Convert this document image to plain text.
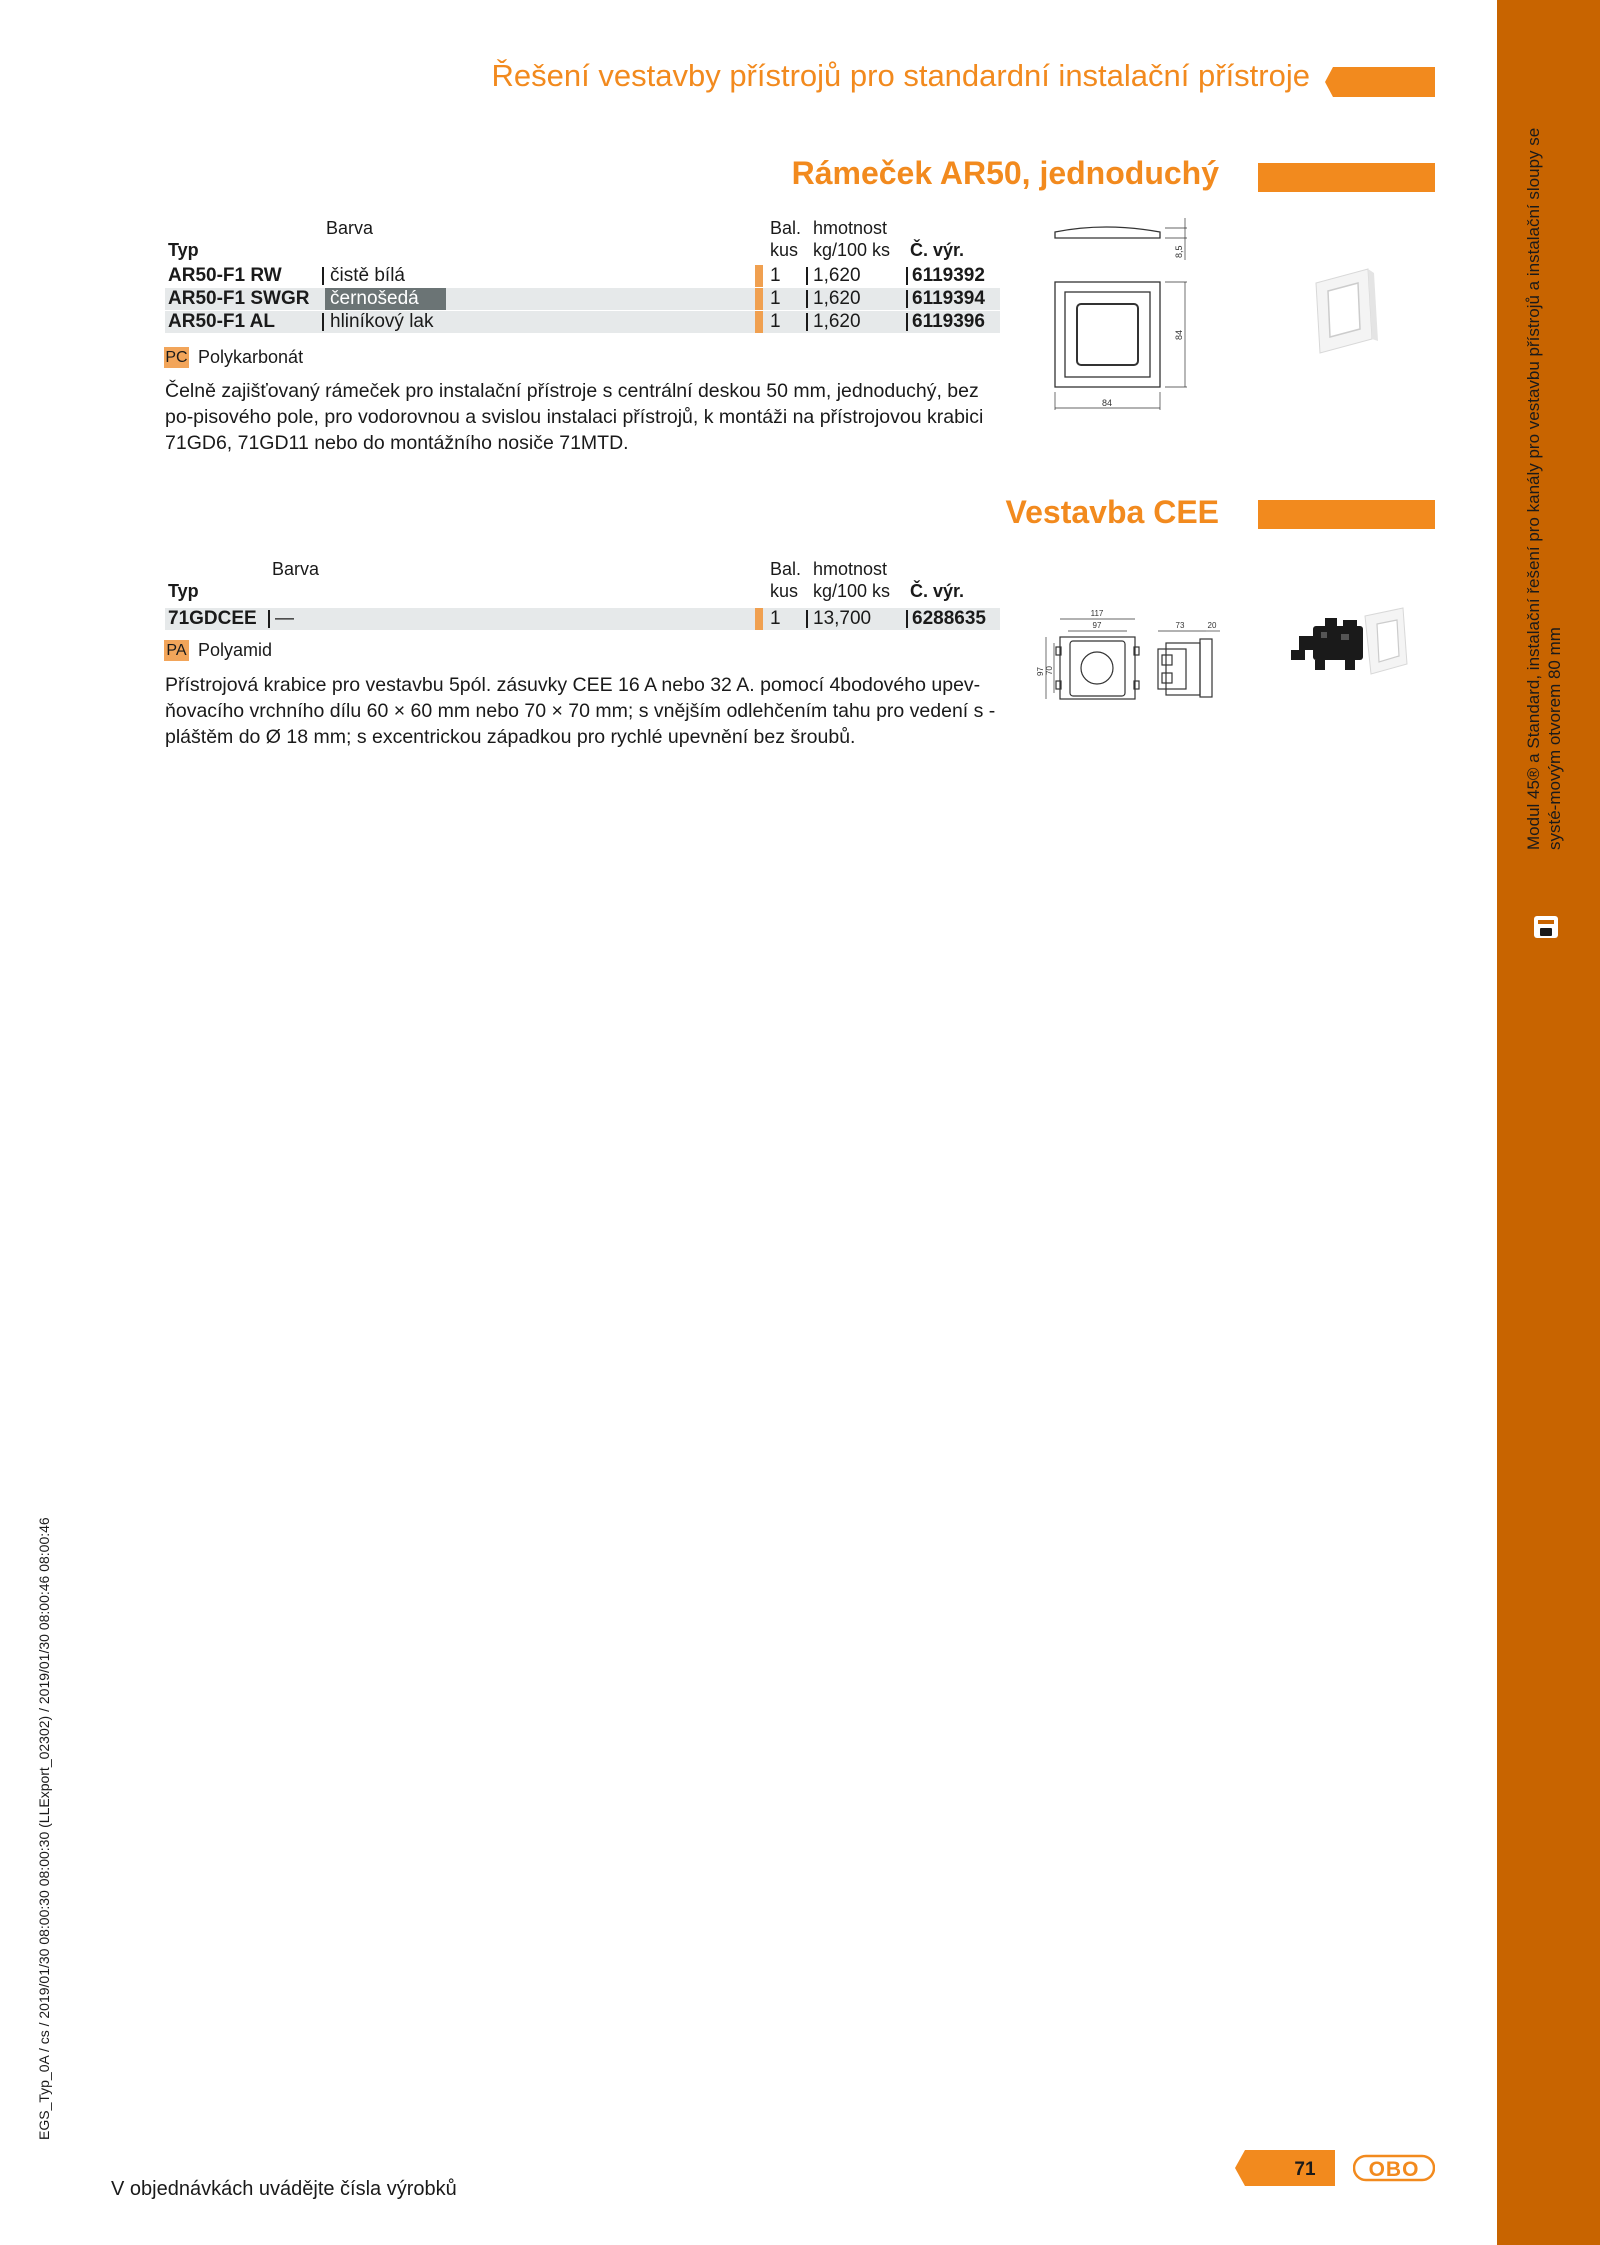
Modul 45® a Standard, instalační řešení pro kanály pro vestavbu přístrojů a instalační sloupy se systé-movým otvorem 80 mm
Řešení vestavby přístrojů pro standardní instalační přístroje
Rámeček AR50, jednoduchý
Barva
Typ
Bal.
kus
hmotnost
kg/100 ks Č. výr.
AR50-F1 RW	čistě bílá	1 1,620	6119392
AR50-F1 SWGR černošedá	1 1,620	6119394
AR50-F1 AL	hliníkový lak	1 1,620	6119396
PC Polykarbonát
Čelně zajišťovaný rámeček pro instalační přístroje s centrální deskou 50 mm, jednoduchý, bez po-pisového pole, pro vodorovnou a svislou instalaci přístrojů, k montáži na přístrojovou krabici 71GD6, 71GD11 nebo do montážního nosiče 71MTD.
84
84
8,5
Vestavba CEE
Barva
Typ
Bal.
kus
hmotnost
kg/100 ks Č. výr.
71GDCEE —	1 13,700 6288635
PA Polyamid
Přístrojová krabice pro vestavbu 5pól. zásuvky CEE 16 A nebo 32 A. pomocí 4bodového upev-ňovacího vrchního dílu 60 × 60 mm nebo 70 × 70 mm; s vnějším odlehčením tahu pro vedení s -pláštěm do Ø 18 mm; s excentrickou západkou pro rychlé upevnění bez šroubů.
117
97
97 70
73	20
V objednávkách uvádějte čísla výrobků
71	OBO
EGS_Typ_0A / cs / 2019/01/30 08:00:30 08:00:30 (LLExport_02302) / 2019/01/30 08:00:46 08:00:46
